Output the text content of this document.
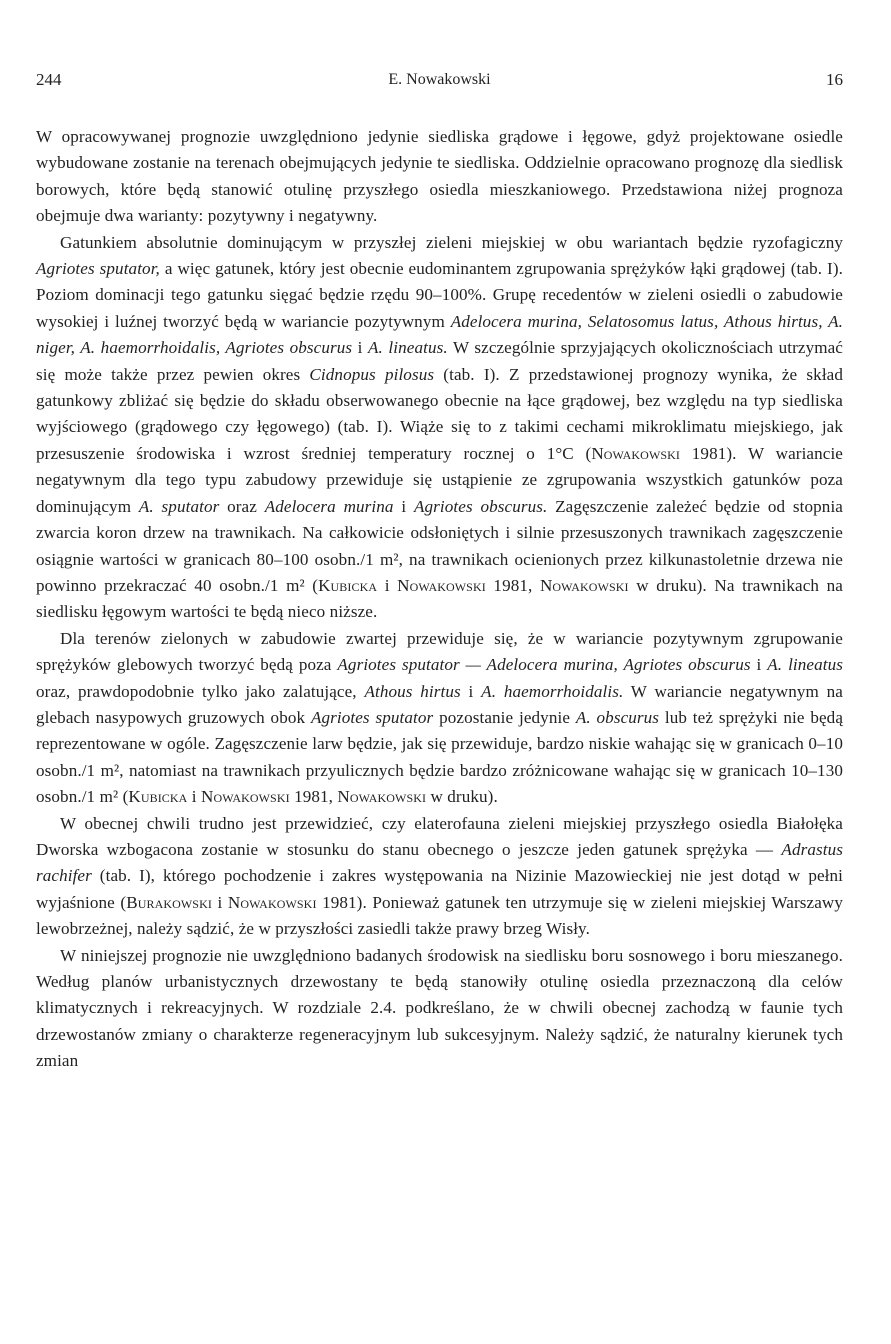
244	E. Nowakowski	16

W opracowywanej prognozie uwzględniono jedynie siedliska grądowe i łęgowe, gdyż projektowane osiedle wybudowane zostanie na terenach obejmujących jedynie te siedliska. Oddzielnie opracowano prognozę dla siedlisk borowych, które będą stanowić otulinę przyszłego osiedla mieszkaniowego. Przedstawiona niżej prognoza obejmuje dwa warianty: pozytywny i negatywny.

Gatunkiem absolutnie dominującym w przyszłej zieleni miejskiej w obu wariantach będzie ryzofagiczny Agriotes sputator, a więc gatunek, który jest obecnie eudominantem zgrupowania sprężyków łąki grądowej (tab. I). Poziom dominacji tego gatunku sięgać będzie rzędu 90–100%. Grupę recedentów w zieleni osiedli o zabudowie wysokiej i luźnej tworzyć będą w wariancie pozytywnym Adelocera murina, Selatosomus latus, Athous hirtus, A. niger, A. haemorrhoidalis, Agriotes obscurus i A. lineatus. W szczególnie sprzyjających okolicznościach utrzymać się może także przez pewien okres Cidnopus pilosus (tab. I). Z przedstawionej prognozy wynika, że skład gatunkowy zbliżać się będzie do składu obserwowanego obecnie na łące grądowej, bez względu na typ siedliska wyjściowego (grądowego czy łęgowego) (tab. I). Wiąże się to z takimi cechami mikroklimatu miejskiego, jak przesuszenie środowiska i wzrost średniej temperatury rocznej o 1°C (Nowakowski 1981). W wariancie negatywnym dla tego typu zabudowy przewiduje się ustąpienie ze zgrupowania wszystkich gatunków poza dominującym A. sputator oraz Adelocera murina i Agriotes obscurus. Zagęszczenie zależeć będzie od stopnia zwarcia koron drzew na trawnikach. Na całkowicie odsłoniętych i silnie przesuszonych trawnikach zagęszczenie osiągnie wartości w granicach 80–100 osobn./1 m², na trawnikach ocienionych przez kilkunastoletnie drzewa nie powinno przekraczać 40 osobn./1 m² (Kubicka i Nowakowski 1981, Nowakowski w druku). Na trawnikach na siedlisku łęgowym wartości te będą nieco niższe.

Dla terenów zielonych w zabudowie zwartej przewiduje się, że w wariancie pozytywnym zgrupowanie sprężyków glebowych tworzyć będą poza Agriotes sputator — Adelocera murina, Agriotes obscurus i A. lineatus oraz, prawdopodobnie tylko jako zalatujące, Athous hirtus i A. haemorrhoidalis. W wariancie negatywnym na glebach nasypowych gruzowych obok Agriotes sputator pozostanie jedynie A. obscurus lub też sprężyki nie będą reprezentowane w ogóle. Zagęszczenie larw będzie, jak się przewiduje, bardzo niskie wahając się w granicach 0–10 osobn./1 m², natomiast na trawnikach przyulicznych będzie bardzo zróżnicowane wahając się w granicach 10–130 osobn./1 m² (Kubicka i Nowakowski 1981, Nowakowski w druku).

W obecnej chwili trudno jest przewidzieć, czy elaterofauna zieleni miejskiej przyszłego osiedla Białołęka Dworska wzbogacona zostanie w stosunku do stanu obecnego o jeszcze jeden gatunek sprężyka — Adrastus rachifer (tab. I), którego pochodzenie i zakres występowania na Nizinie Mazowieckiej nie jest dotąd w pełni wyjaśnione (Burakowski i Nowakowski 1981). Ponieważ gatunek ten utrzymuje się w zieleni miejskiej Warszawy lewobrzeżnej, należy sądzić, że w przyszłości zasiedli także prawy brzeg Wisły.

W niniejszej prognozie nie uwzględniono badanych środowisk na siedlisku boru sosnowego i boru mieszanego. Według planów urbanistycznych drzewostany te będą stanowiły otulinę osiedla przeznaczoną dla celów klimatycznych i rekreacyjnych. W rozdziale 2.4. podkreślano, że w chwili obecnej zachodzą w faunie tych drzewostanów zmiany o charakterze regeneracyjnym lub sukcesyjnym. Należy sądzić, że naturalny kierunek tych zmian
